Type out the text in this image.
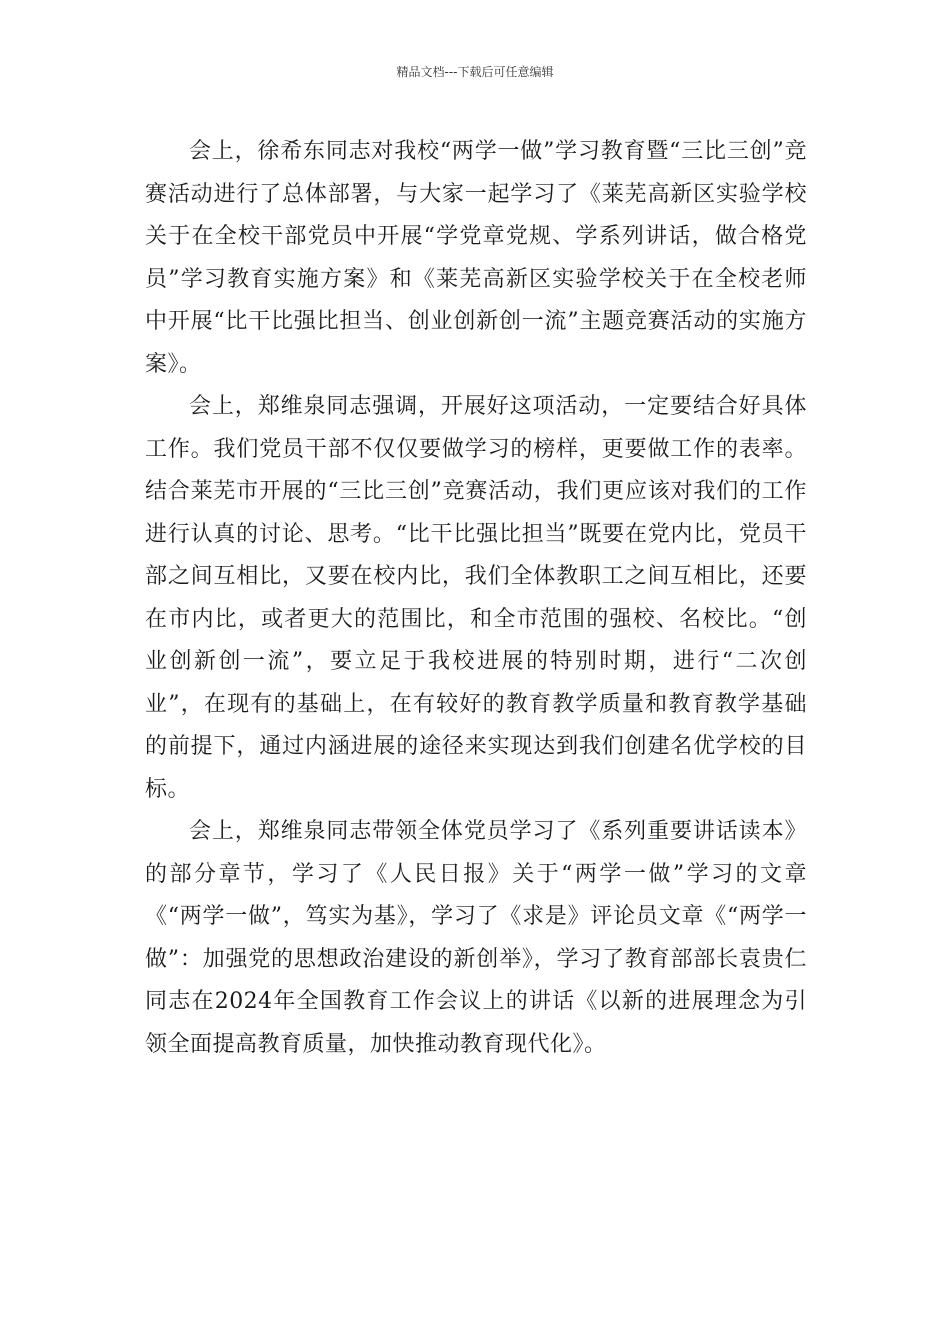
精品文档---下载后可任意编辑

会上，徐希东同志对我校“两学一做”学习教育暨“三比三创”竞赛活动进行了总体部署，与大家一起学习了《莱芜高新区实验学校关于在全校干部党员中开展“学党章党规、学系列讲话，做合格党员”学习教育实施方案》和《莱芜高新区实验学校关于在全校老师中开展“比干比强比担当、创业创新创一流”主题竞赛活动的实施方案》。

会上，郑维泉同志强调，开展好这项活动，一定要结合好具体工作。我们党员干部不仅仅要做学习的榜样，更要做工作的表率。结合莱芜市开展的“三比三创”竞赛活动，我们更应该对我们的工作进行认真的讨论、思考。“比干比强比担当”既要在党内比，党员干部之间互相比，又要在校内比，我们全体教职工之间互相比，还要在市内比，或者更大的范围比，和全市范围的强校、名校比。“创业创新创一流”，要立足于我校进展的特别时期，进行“二次创业”，在现有的基础上，在有较好的教育教学质量和教育教学基础的前提下，通过内涵进展的途径来实现达到我们创建名优学校的目标。

会上，郑维泉同志带领全体党员学习了《系列重要讲话读本》的部分章节，学习了《人民日报》关于“两学一做”学习的文章《“两学一做”，笃实为基》，学习了《求是》评论员文章《“两学一做”：加强党的思想政治建设的新创举》，学习了教育部部长袁贵仁同志在2024年全国教育工作会议上的讲话《以新的进展理念为引领全面提高教育质量，加快推动教育现代化》。
